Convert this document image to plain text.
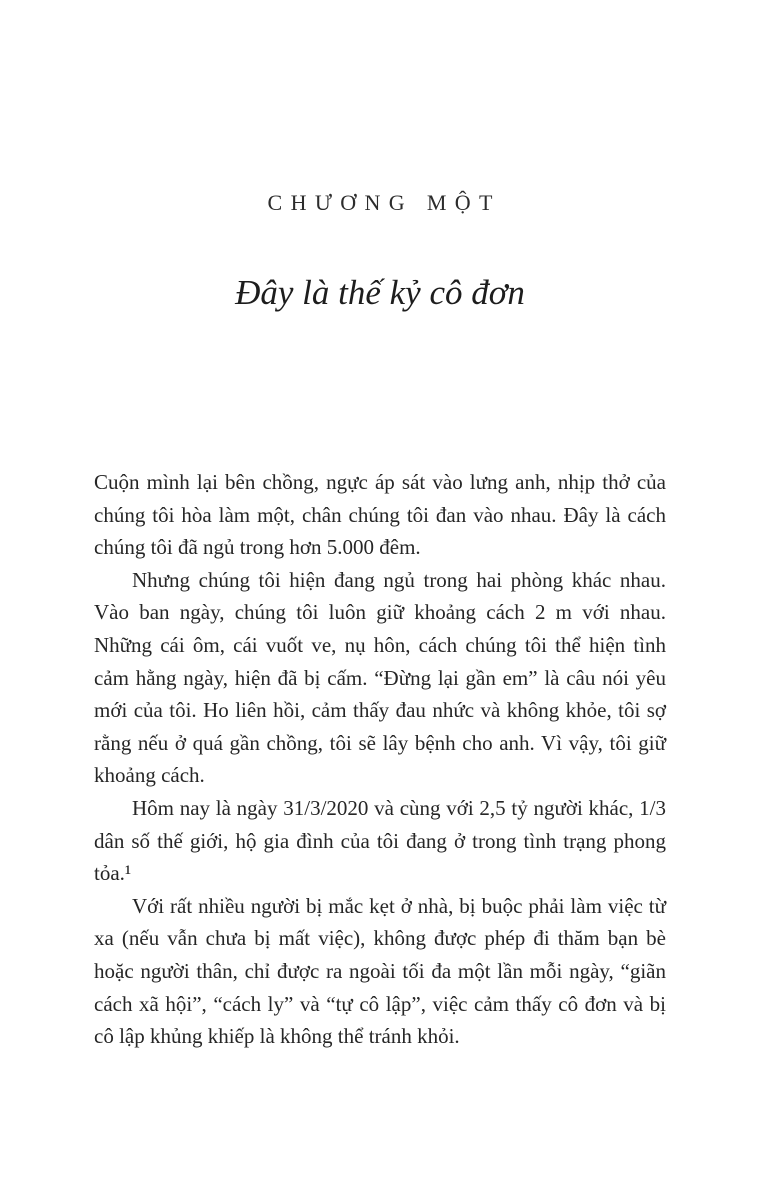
CHƯƠNG MỘT
Đây là thế kỷ cô đơn

Cuộn mình lại bên chồng, ngực áp sát vào lưng anh, nhịp thở của chúng tôi hòa làm một, chân chúng tôi đan vào nhau. Đây là cách chúng tôi đã ngủ trong hơn 5.000 đêm.

Nhưng chúng tôi hiện đang ngủ trong hai phòng khác nhau. Vào ban ngày, chúng tôi luôn giữ khoảng cách 2 m với nhau. Những cái ôm, cái vuốt ve, nụ hôn, cách chúng tôi thể hiện tình cảm hằng ngày, hiện đã bị cấm. “Đừng lại gần em” là câu nói yêu mới của tôi. Ho liên hồi, cảm thấy đau nhức và không khỏe, tôi sợ rằng nếu ở quá gần chồng, tôi sẽ lây bệnh cho anh. Vì vậy, tôi giữ khoảng cách.

Hôm nay là ngày 31/3/2020 và cùng với 2,5 tỷ người khác, 1/3 dân số thế giới, hộ gia đình của tôi đang ở trong tình trạng phong tỏa.¹

Với rất nhiều người bị mắc kẹt ở nhà, bị buộc phải làm việc từ xa (nếu vẫn chưa bị mất việc), không được phép đi thăm bạn bè hoặc người thân, chỉ được ra ngoài tối đa một lần mỗi ngày, “giãn cách xã hội”, “cách ly” và “tự cô lập”, việc cảm thấy cô đơn và bị cô lập khủng khiếp là không thể tránh khỏi.
